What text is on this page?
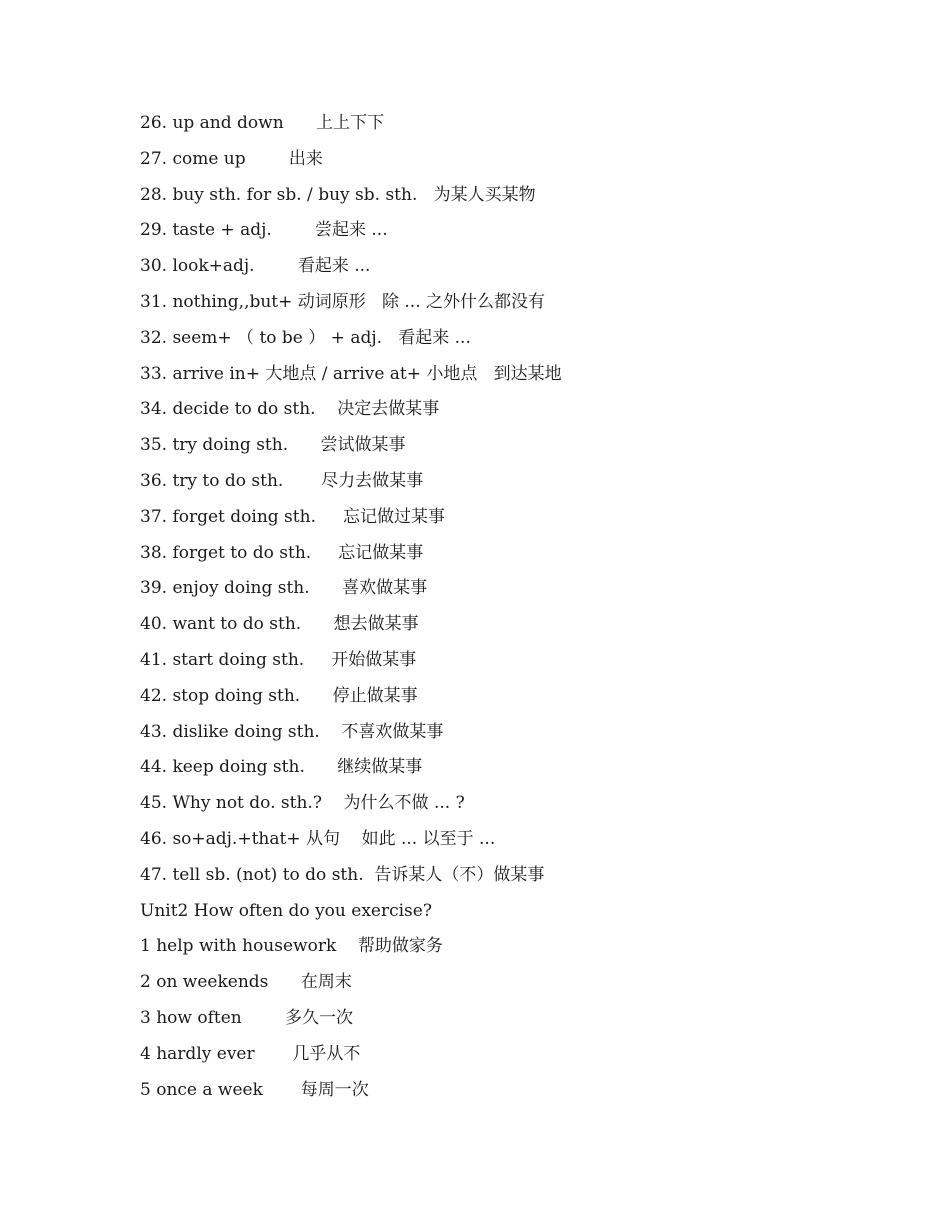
26. up and down      上上下下
27. come up        出来
28. buy sth. for sb. / buy sb. sth.   为某人买某物
29. taste + adj.        尝起来 ...
30. look+adj.        看起来 ...
31. nothing,,but+ 动词原形   除 ... 之外什么都没有
32. seem+ （ to be ） + adj.   看起来 ...
33. arrive in+ 大地点 / arrive at+ 小地点   到达某地
34. decide to do sth.    决定去做某事
35. try doing sth.      尝试做某事
36. try to do sth.       尽力去做某事
37. forget doing sth.     忘记做过某事
38. forget to do sth.     忘记做某事
39. enjoy doing sth.      喜欢做某事
40. want to do sth.      想去做某事
41. start doing sth.     开始做某事
42. stop doing sth.      停止做某事
43. dislike doing sth.    不喜欢做某事
44. keep doing sth.      继续做某事
45. Why not do. sth.?    为什么不做 ... ?
46. so+adj.+that+ 从句    如此 ... 以至于 ...
47. tell sb. (not) to do sth.  告诉某人（不）做某事
Unit2 How often do you exercise?
1 help with housework    帮助做家务
2 on weekends      在周末
3 how often        多久一次
4 hardly ever       几乎从不
5 once a week       每周一次
